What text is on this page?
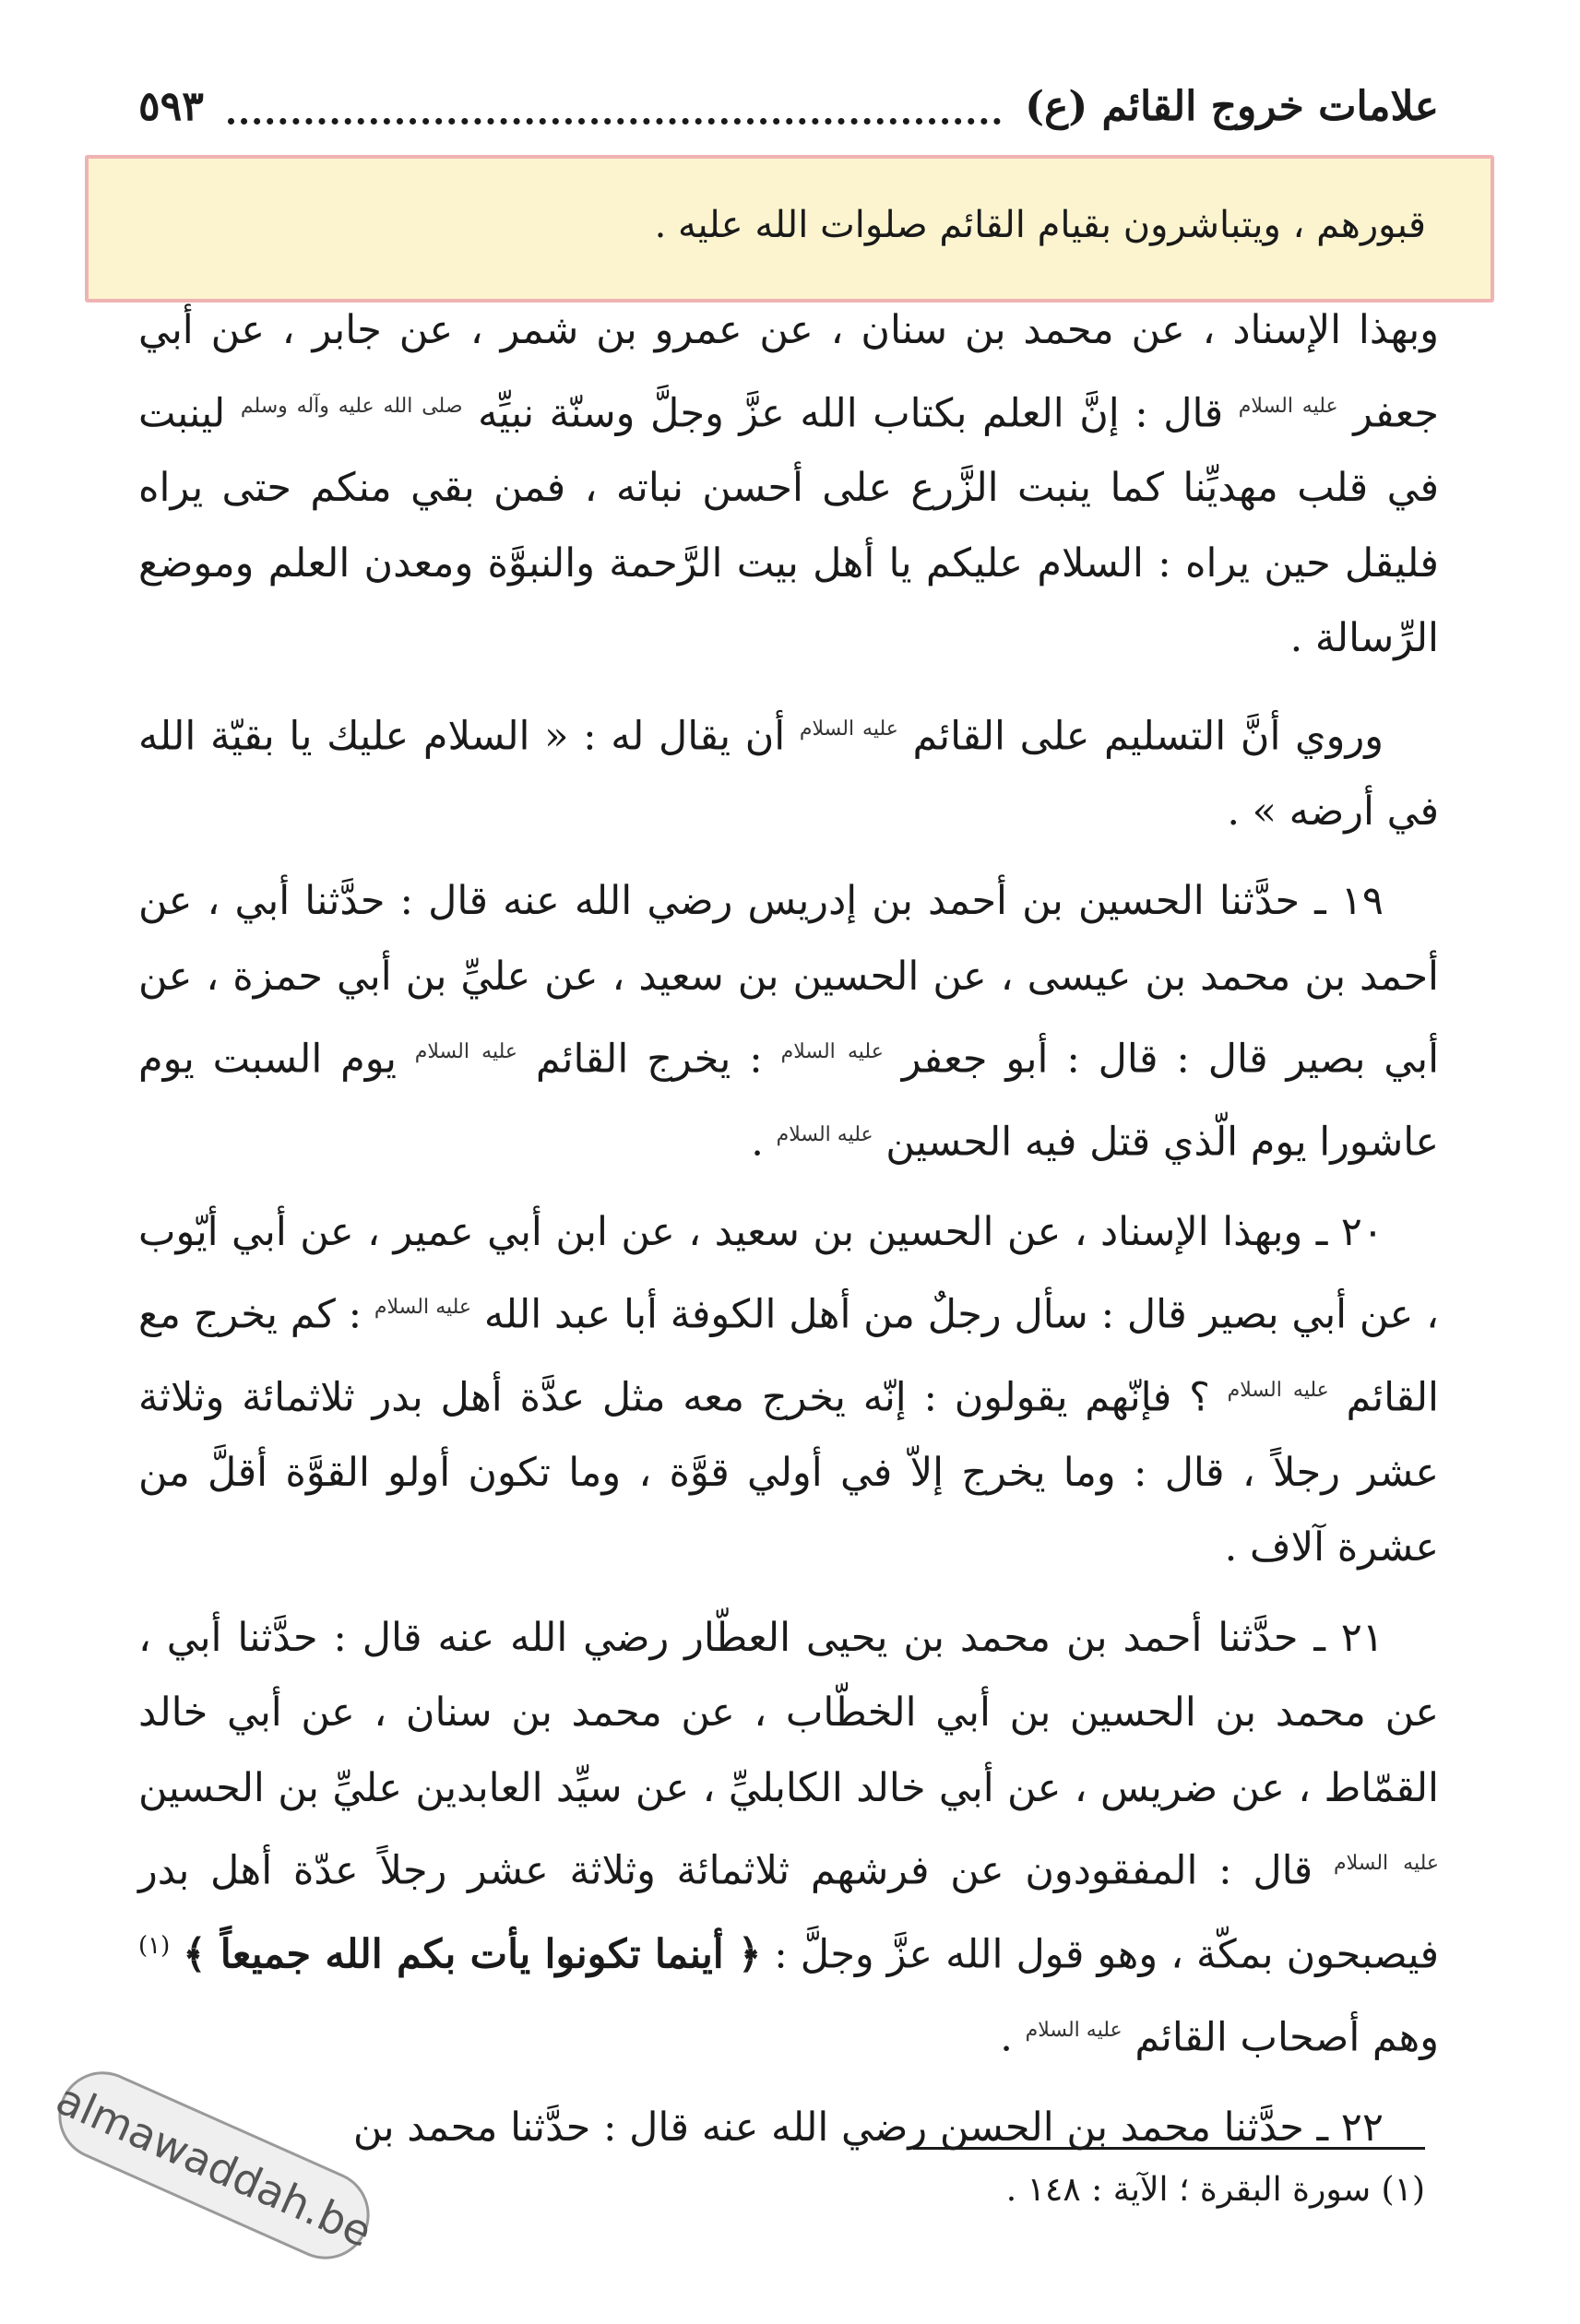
علامات خروج القائم (ع)
٥٩٣

وبهذا الإسناد ، عن محمد بن سنان ، عن عمرو بن شمر ، عن جابر ، عن أبي جعفر $^{عليه السلام}$ قال : إنَّ العلم بكتاب الله عزَّ وجلَّ وسنّة نبيِّه $^{صلى الله عليه وآله وسلم}$ لينبت في قلب مهديِّنا كما ينبت الزَّرع على أحسن نباته ، فمن بقي منكم حتى يراه فليقل حين يراه : السلام عليكم يا أهل بيت الرَّحمة والنبوَّة ومعدن العلم وموضع الرِّسالة .

وروي أنَّ التسليم على القائم $^{عليه السلام}$ أن يقال له : « السلام عليك يا بقيّة الله في أرضه » .

١٩ ـ حدَّثنا الحسين بن أحمد بن إدريس رضي الله عنه قال : حدَّثنا أبي ، عن أحمد بن محمد بن عيسى ، عن الحسين بن سعيد ، عن عليِّ بن أبي حمزة ، عن أبي بصير قال : قال : أبو جعفر $^{عليه السلام}$ : يخرج القائم $^{عليه السلام}$ يوم السبت يوم عاشورا يوم الّذي قتل فيه الحسين $^{عليه السلام}$ .

٢٠ ـ وبهذا الإسناد ، عن الحسين بن سعيد ، عن ابن أبي عمير ، عن أبي أيّوب ، عن أبي بصير قال : سأل رجلٌ من أهل الكوفة أبا عبد الله $^{عليه السلام}$ : كم يخرج مع القائم $^{عليه السلام}$ ؟ فإنّهم يقولون : إنّه يخرج معه مثل عدَّة أهل بدر ثلاثمائة وثلاثة عشر رجلاً ، قال : وما يخرج إلاّ في أولي قوَّة ، وما تكون أولو القوَّة أقلَّ من عشرة آلاف .

٢١ ـ حدَّثنا أحمد بن محمد بن يحيى العطّار رضي الله عنه قال : حدَّثنا أبي ، عن محمد بن الحسين بن أبي الخطّاب ، عن محمد بن سنان ، عن أبي خالد القمّاط ، عن ضريس ، عن أبي خالد الكابليِّ ، عن سيِّد العابدين عليِّ بن الحسين $^{عليه السلام}$ قال : المفقودون عن فرشهم ثلاثمائة وثلاثة عشر رجلاً عدّة أهل بدر فيصبحون بمكّة ، وهو قول الله عزَّ وجلَّ : ﴿ أينما تكونوا يأت بكم الله جميعاً ﴾ $^{(١)}$ وهم أصحاب القائم $^{عليه السلام}$ .

٢٢ ـ حدَّثنا محمد بن الحسن رضي الله عنه قال : حدَّثنا محمد بن

قبورهم ، ويتباشرون بقيام القائم صلوات الله عليه .
(١) سورة البقرة ؛ الآية : ١٤٨ .
almawaddah.be
